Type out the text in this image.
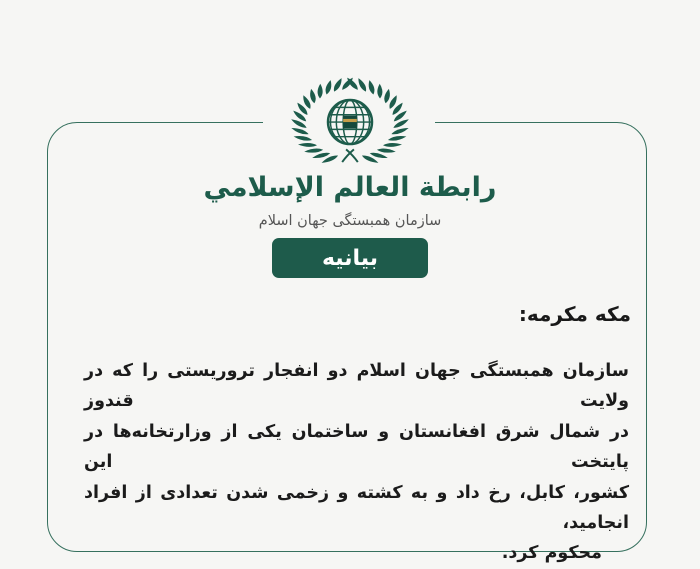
رابطة العالم الإسلامي
سازمان همبستگی جهان اسلام
بیانیه
مکه مکرمه:
سازمان همبستگی جهان اسلام دو انفجار تروریستی را که در ولایت قندوز
در شمال شرق افغانستان و ساختمان یکی از وزارتخانه‌ها در پایتخت این
کشور، کابل، رخ داد و به کشته و زخمی شدن تعدادی از افراد انجامید،
محکوم کرد.
